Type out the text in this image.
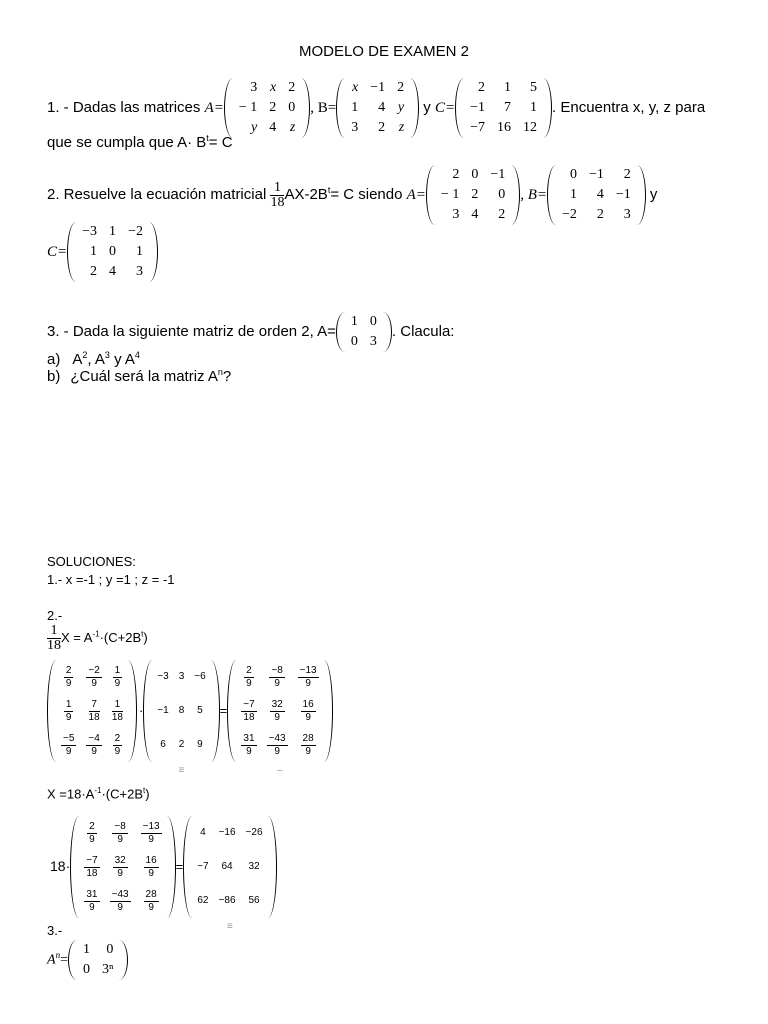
MODELO DE EXAMEN 2
1. - Dadas las matrices A=
3	x	2
− 1	2	0
y	4	z
, B=
x	−1	2
1	4	y
3	2	z
y C=
2	1	5
−1	7	1
−7	16	12
. Encuentra x, y, z para
que se cumpla que $A\cdot B^t= C$
2. Resuelve la ecuación matricial $\frac{1}{18} AX-2B^t= C$ siendo A=
2	0	−1
− 1	2	0
3	4	2
, B=
0	−1	2
1	4	−1
−2	2	3
y
C=
−3	1	−2
1	0	1
2	4	3
3. - Dada la siguiente matriz de orden 2, A=
1	0
0	3
. Clacula:
a) $A^2$, $A^3$ y $A^4$
b) ¿Cuál será la matriz $A^n$?
SOLUCIONES:
1.- x =-1 ; y =1 ; z = -1
2.-
$\frac{1}{18}$ $X = A^{-1}\cdot(C+2B^t)$
$\frac{2}{9}$	$\frac{-2}{9}$	$\frac{1}{9}$

$\frac{1}{9}$	$\frac{7}{18}$	$\frac{1}{18}$

$\frac{-5}{9}$	$\frac{-4}{9}$	$\frac{2}{9}$
·
−3	3	−6
−1	8	5
6	2	9
≡
=
$\frac{2}{9}$	$\frac{-8}{9}$	$\frac{-13}{9}$

$\frac{-7}{18}$	$\frac{32}{9}$	$\frac{16}{9}$

$\frac{31}{9}$	$\frac{-43}{9}$	$\frac{28}{9}$
–
$X =18\cdot A^{-1}\cdot(C+2B^t)$
18·
$\frac{2}{9}$	$\frac{-8}{9}$	$\frac{-13}{9}$

$\frac{-7}{18}$	$\frac{32}{9}$	$\frac{16}{9}$

$\frac{31}{9}$	$\frac{-43}{9}$	$\frac{28}{9}$
=
4	−16	−26
−7	64	32
62	−86	56
≡
3.-
$A^n=$
1	0
0	3ⁿ
